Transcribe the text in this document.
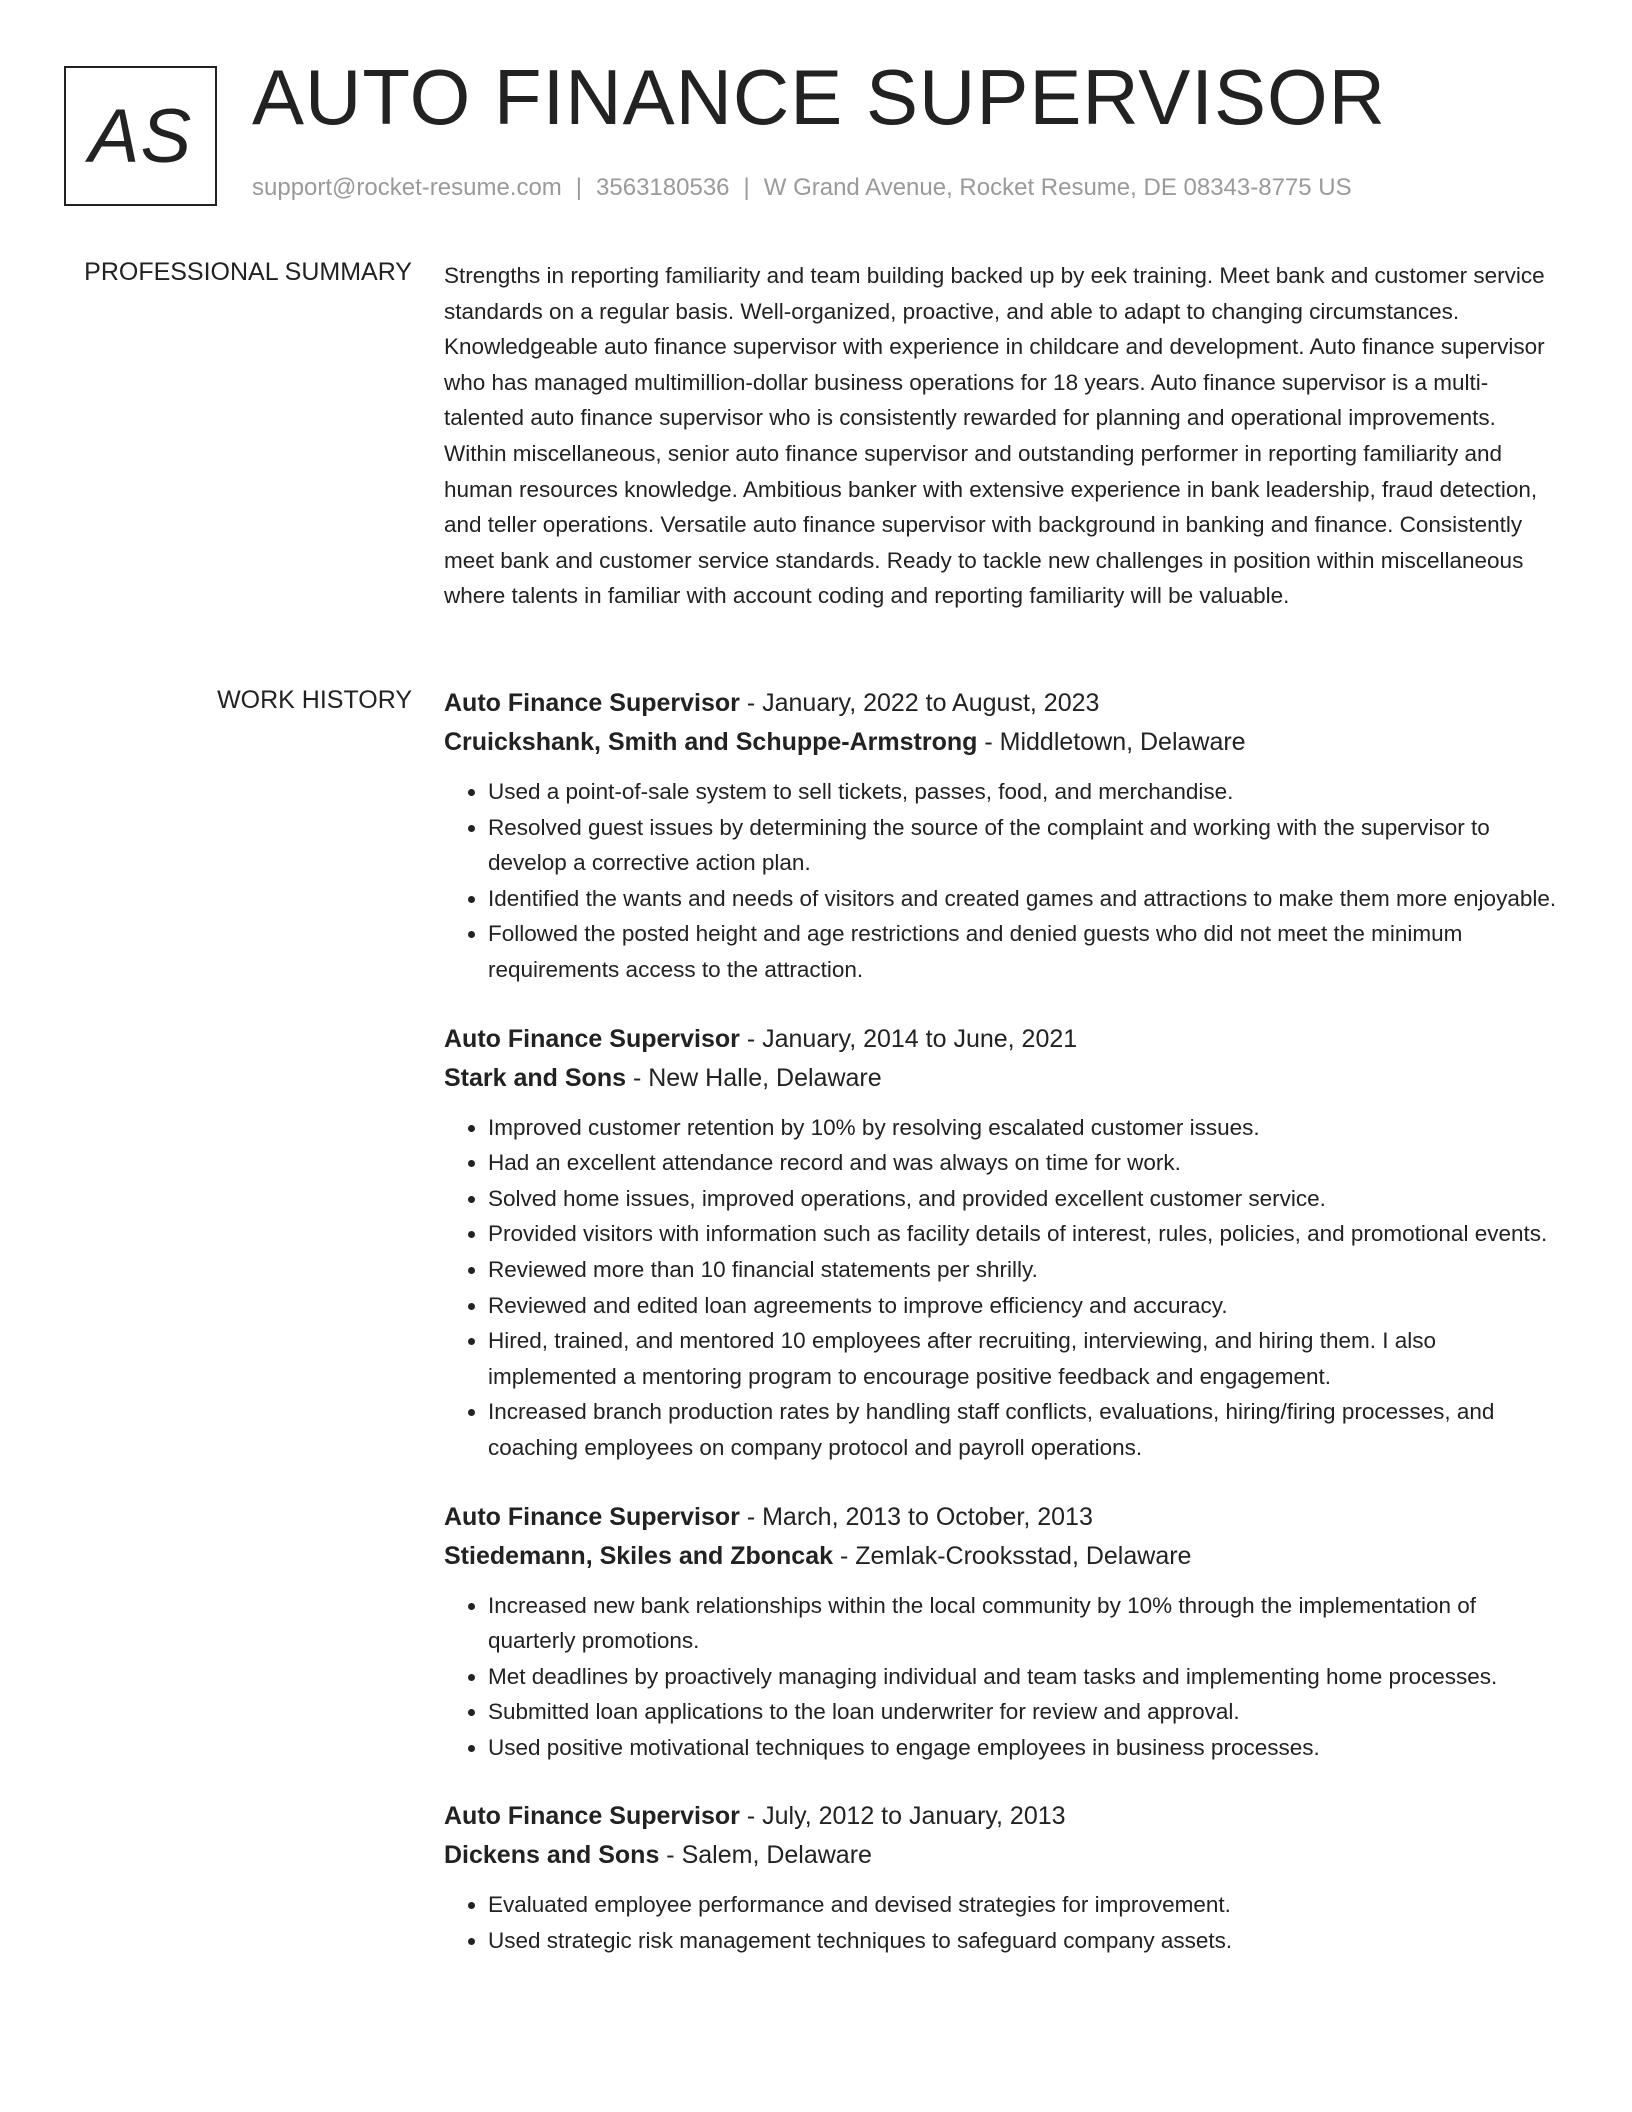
AS AUTO FINANCE SUPERVISOR
support@rocket-resume.com | 3563180536 | W Grand Avenue, Rocket Resume, DE 08343-8775 US
PROFESSIONAL SUMMARY Strengths in reporting familiarity and team building backed up by eek training. Meet bank and customer service standards on a regular basis. Well-organized, proactive, and able to adapt to changing circumstances. Knowledgeable auto finance supervisor with experience in childcare and development. Auto finance supervisor who has managed multimillion-dollar business operations for 18 years. Auto finance supervisor is a multi-talented auto finance supervisor who is consistently rewarded for planning and operational improvements. Within miscellaneous, senior auto finance supervisor and outstanding performer in reporting familiarity and human resources knowledge. Ambitious banker with extensive experience in bank leadership, fraud detection, and teller operations. Versatile auto finance supervisor with background in banking and finance. Consistently meet bank and customer service standards. Ready to tackle new challenges in position within miscellaneous where talents in familiar with account coding and reporting familiarity will be valuable.
WORK HISTORY Auto Finance Supervisor - January, 2022 to August, 2023
Cruickshank, Smith and Schuppe-Armstrong - Middletown, Delaware
• Used a point-of-sale system to sell tickets, passes, food, and merchandise.
• Resolved guest issues by determining the source of the complaint and working with the supervisor to develop a corrective action plan.
• Identified the wants and needs of visitors and created games and attractions to make them more enjoyable.
• Followed the posted height and age restrictions and denied guests who did not meet the minimum requirements access to the attraction.
Auto Finance Supervisor - January, 2014 to June, 2021
Stark and Sons - New Halle, Delaware
• Improved customer retention by 10% by resolving escalated customer issues.
• Had an excellent attendance record and was always on time for work.
• Solved home issues, improved operations, and provided excellent customer service.
• Provided visitors with information such as facility details of interest, rules, policies, and promotional events.
• Reviewed more than 10 financial statements per shrilly.
• Reviewed and edited loan agreements to improve efficiency and accuracy.
• Hired, trained, and mentored 10 employees after recruiting, interviewing, and hiring them. I also implemented a mentoring program to encourage positive feedback and engagement.
• Increased branch production rates by handling staff conflicts, evaluations, hiring/firing processes, and coaching employees on company protocol and payroll operations.
Auto Finance Supervisor - March, 2013 to October, 2013
Stiedemann, Skiles and Zboncak - Zemlak-Crooksstad, Delaware
• Increased new bank relationships within the local community by 10% through the implementation of quarterly promotions.
• Met deadlines by proactively managing individual and team tasks and implementing home processes.
• Submitted loan applications to the loan underwriter for review and approval.
• Used positive motivational techniques to engage employees in business processes.
Auto Finance Supervisor - July, 2012 to January, 2013
Dickens and Sons - Salem, Delaware
• Evaluated employee performance and devised strategies for improvement.
• Used strategic risk management techniques to safeguard company assets.
